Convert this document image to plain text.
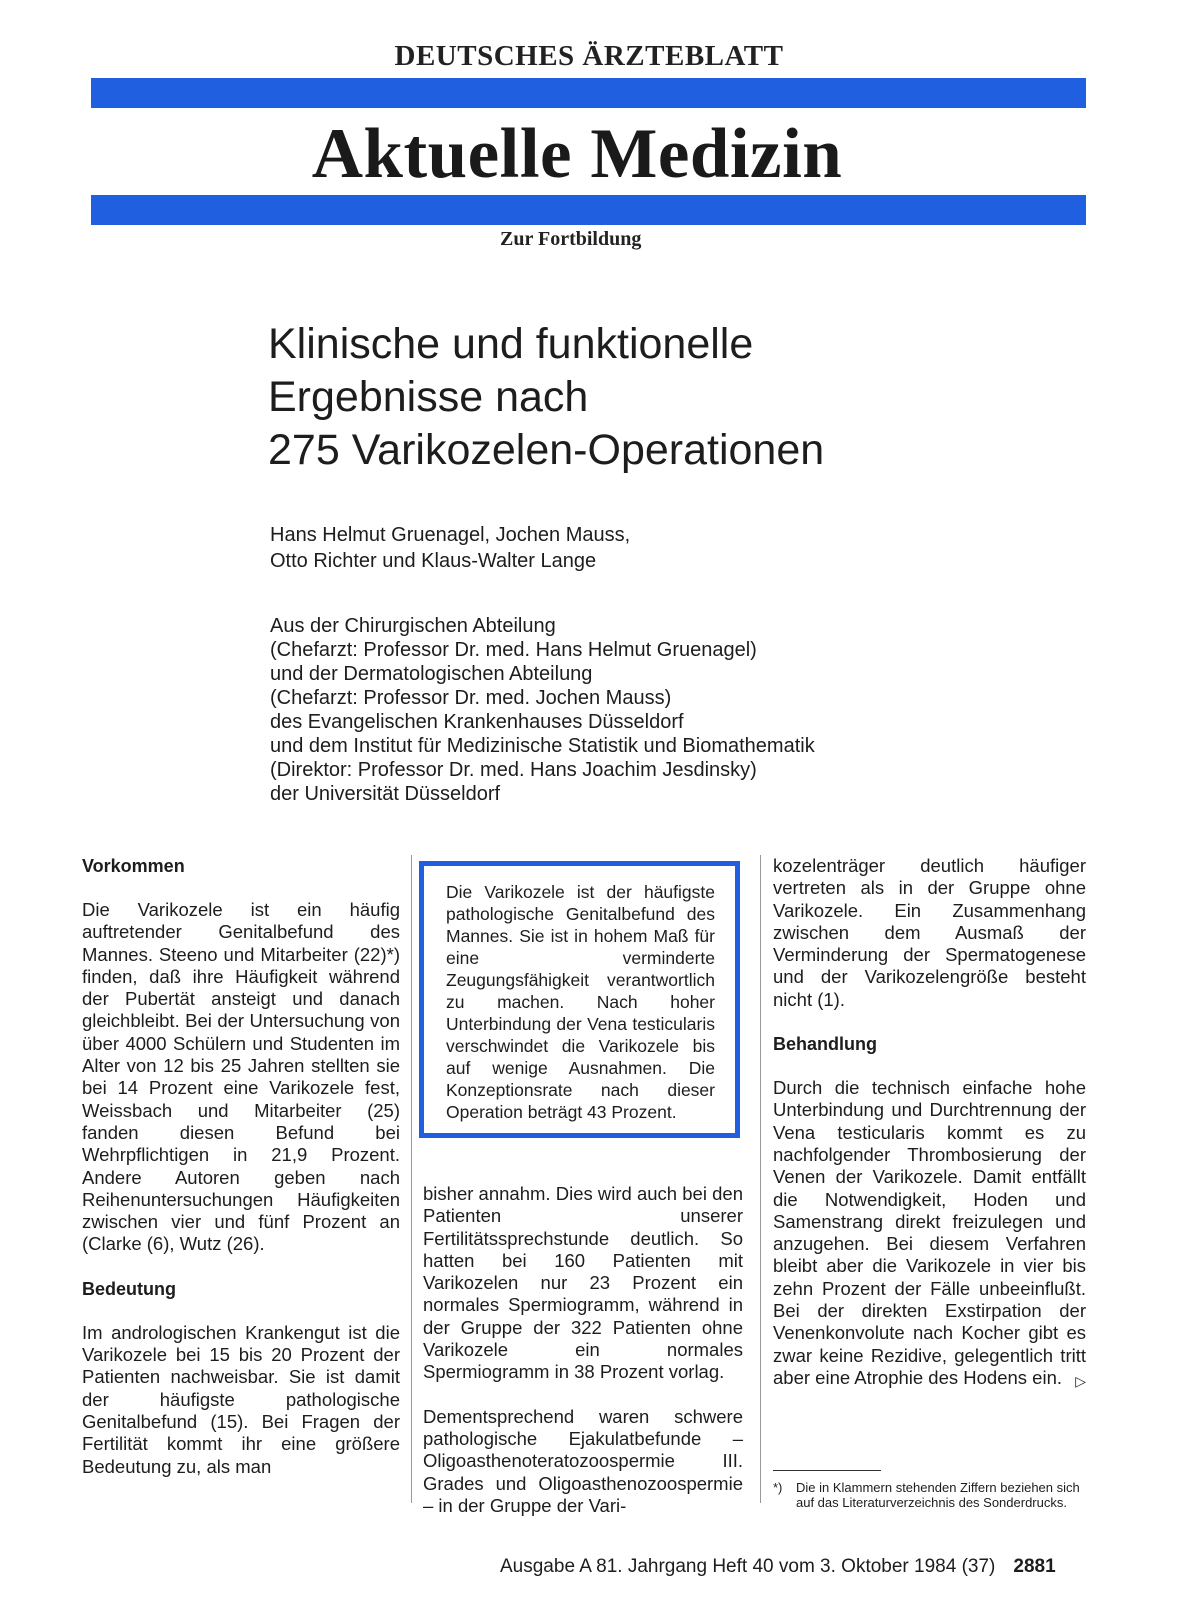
DEUTSCHES ÄRZTEBLATT
Aktuelle Medizin
Zur Fortbildung
Klinische und funktionelle
Ergebnisse nach
275 Varikozelen-Operationen
Hans Helmut Gruenagel, Jochen Mauss,
Otto Richter und Klaus-Walter Lange
Aus der Chirurgischen Abteilung
(Chefarzt: Professor Dr. med. Hans Helmut Gruenagel)
und der Dermatologischen Abteilung
(Chefarzt: Professor Dr. med. Jochen Mauss)
des Evangelischen Krankenhauses Düsseldorf
und dem Institut für Medizinische Statistik und Biomathematik
(Direktor: Professor Dr. med. Hans Joachim Jesdinsky)
der Universität Düsseldorf
Vorkommen

Die Varikozele ist ein häufig auftretender Genitalbefund des Mannes. Steeno und Mitarbeiter (22)*) finden, daß ihre Häufigkeit während der Pubertät ansteigt und danach gleichbleibt. Bei der Untersuchung von über 4000 Schülern und Studenten im Alter von 12 bis 25 Jahren stellten sie bei 14 Prozent eine Varikozele fest, Weissbach und Mitarbeiter (25) fanden diesen Befund bei Wehrpflichtigen in 21,9 Prozent. Andere Autoren geben nach Reihenuntersuchungen Häufigkeiten zwischen vier und fünf Prozent an (Clarke (6), Wutz (26).

Bedeutung

Im andrologischen Krankengut ist die Varikozele bei 15 bis 20 Prozent der Patienten nachweisbar. Sie ist damit der häufigste pathologische Genitalbefund (15). Bei Fragen der Fertilität kommt ihr eine größere Bedeutung zu, als man

Die Varikozele ist der häufigste pathologische Genitalbefund des Mannes. Sie ist in hohem Maß für eine verminderte Zeugungsfähigkeit verantwortlich zu machen. Nach hoher Unterbindung der Vena testicularis verschwindet die Varikozele bis auf wenige Ausnahmen. Die Konzeptionsrate nach dieser Operation beträgt 43 Prozent.

bisher annahm. Dies wird auch bei den Patienten unserer Fertilitätssprechstunde deutlich. So hatten bei 160 Patienten mit Varikozelen nur 23 Prozent ein normales Spermiogramm, während in der Gruppe der 322 Patienten ohne Varikozele ein normales Spermiogramm in 38 Prozent vorlag.

Dementsprechend waren schwere pathologische Ejakulatbefunde – Oligoasthenoteratozoospermie III. Grades und Oligoasthenozoospermie – in der Gruppe der Vari-

kozelenträger deutlich häufiger vertreten als in der Gruppe ohne Varikozele. Ein Zusammenhang zwischen dem Ausmaß der Verminderung der Spermatogenese und der Varikozelengröße besteht nicht (1).

Behandlung

Durch die technisch einfache hohe Unterbindung und Durchtrennung der Vena testicularis kommt es zu nachfolgender Thrombosierung der Venen der Varikozele. Damit entfällt die Notwendigkeit, Hoden und Samenstrang direkt freizulegen und anzugehen. Bei diesem Verfahren bleibt aber die Varikozele in vier bis zehn Prozent der Fälle unbeeinflußt. Bei der direkten Exstirpation der Venenkonvolute nach Kocher gibt es zwar keine Rezidive, gelegentlich tritt aber eine Atrophie des Hodens ein. ▷

*) Die in Klammern stehenden Ziffern beziehen sich auf das Literaturverzeichnis des Sonderdrucks.
Ausgabe A 81. Jahrgang Heft 40 vom 3. Oktober 1984 (37) 2881
